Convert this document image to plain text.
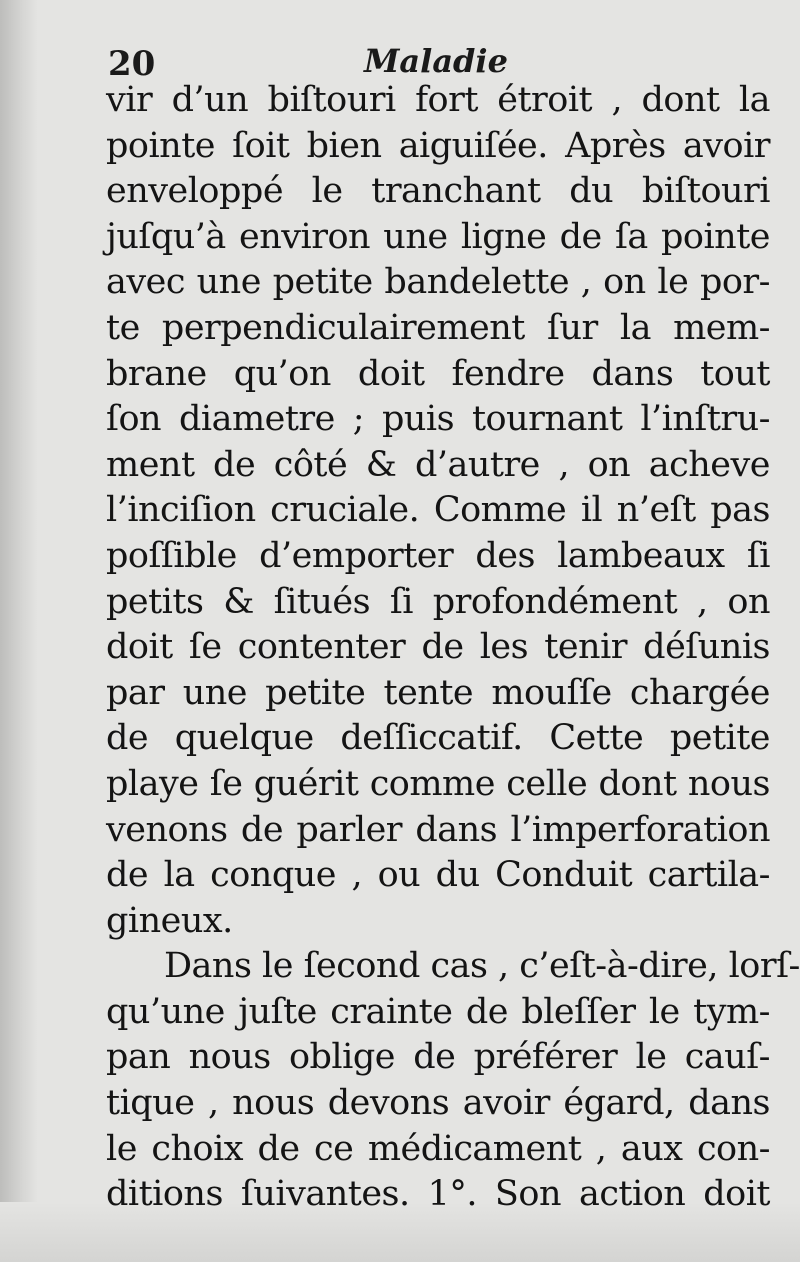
20	Maladie
vir d’un biſtouri fort étroit , dont la
pointe ſoit bien aiguiſée. Après avoir
enveloppé le tranchant du biſtouri
juſqu’à environ une ligne de ſa pointe
avec une petite bandelette , on le por-
te perpendiculairement ſur la mem-
brane qu’on doit fendre dans tout
ſon diametre ; puis tournant l’inſtru-
ment de côté & d’autre , on acheve
l’inciſion cruciale. Comme il n’eſt pas
poſſible d’emporter des lambeaux ſi
petits & ſitués ſi profondément , on
doit ſe contenter de les tenir déſunis
par une petite tente mouſſe chargée
de quelque deſſiccatif. Cette petite
playe ſe guérit comme celle dont nous
venons de parler dans l’imperforation
de la conque , ou du Conduit cartila-
gineux.
Dans le ſecond cas , c’eſt-à-dire, lorſ-
qu’une juſte crainte de bleſſer le tym-
pan nous oblige de préférer le cauſ-
tique , nous devons avoir égard, dans
le choix de ce médicament , aux con-
ditions ſuivantes. 1°. Son action doit
